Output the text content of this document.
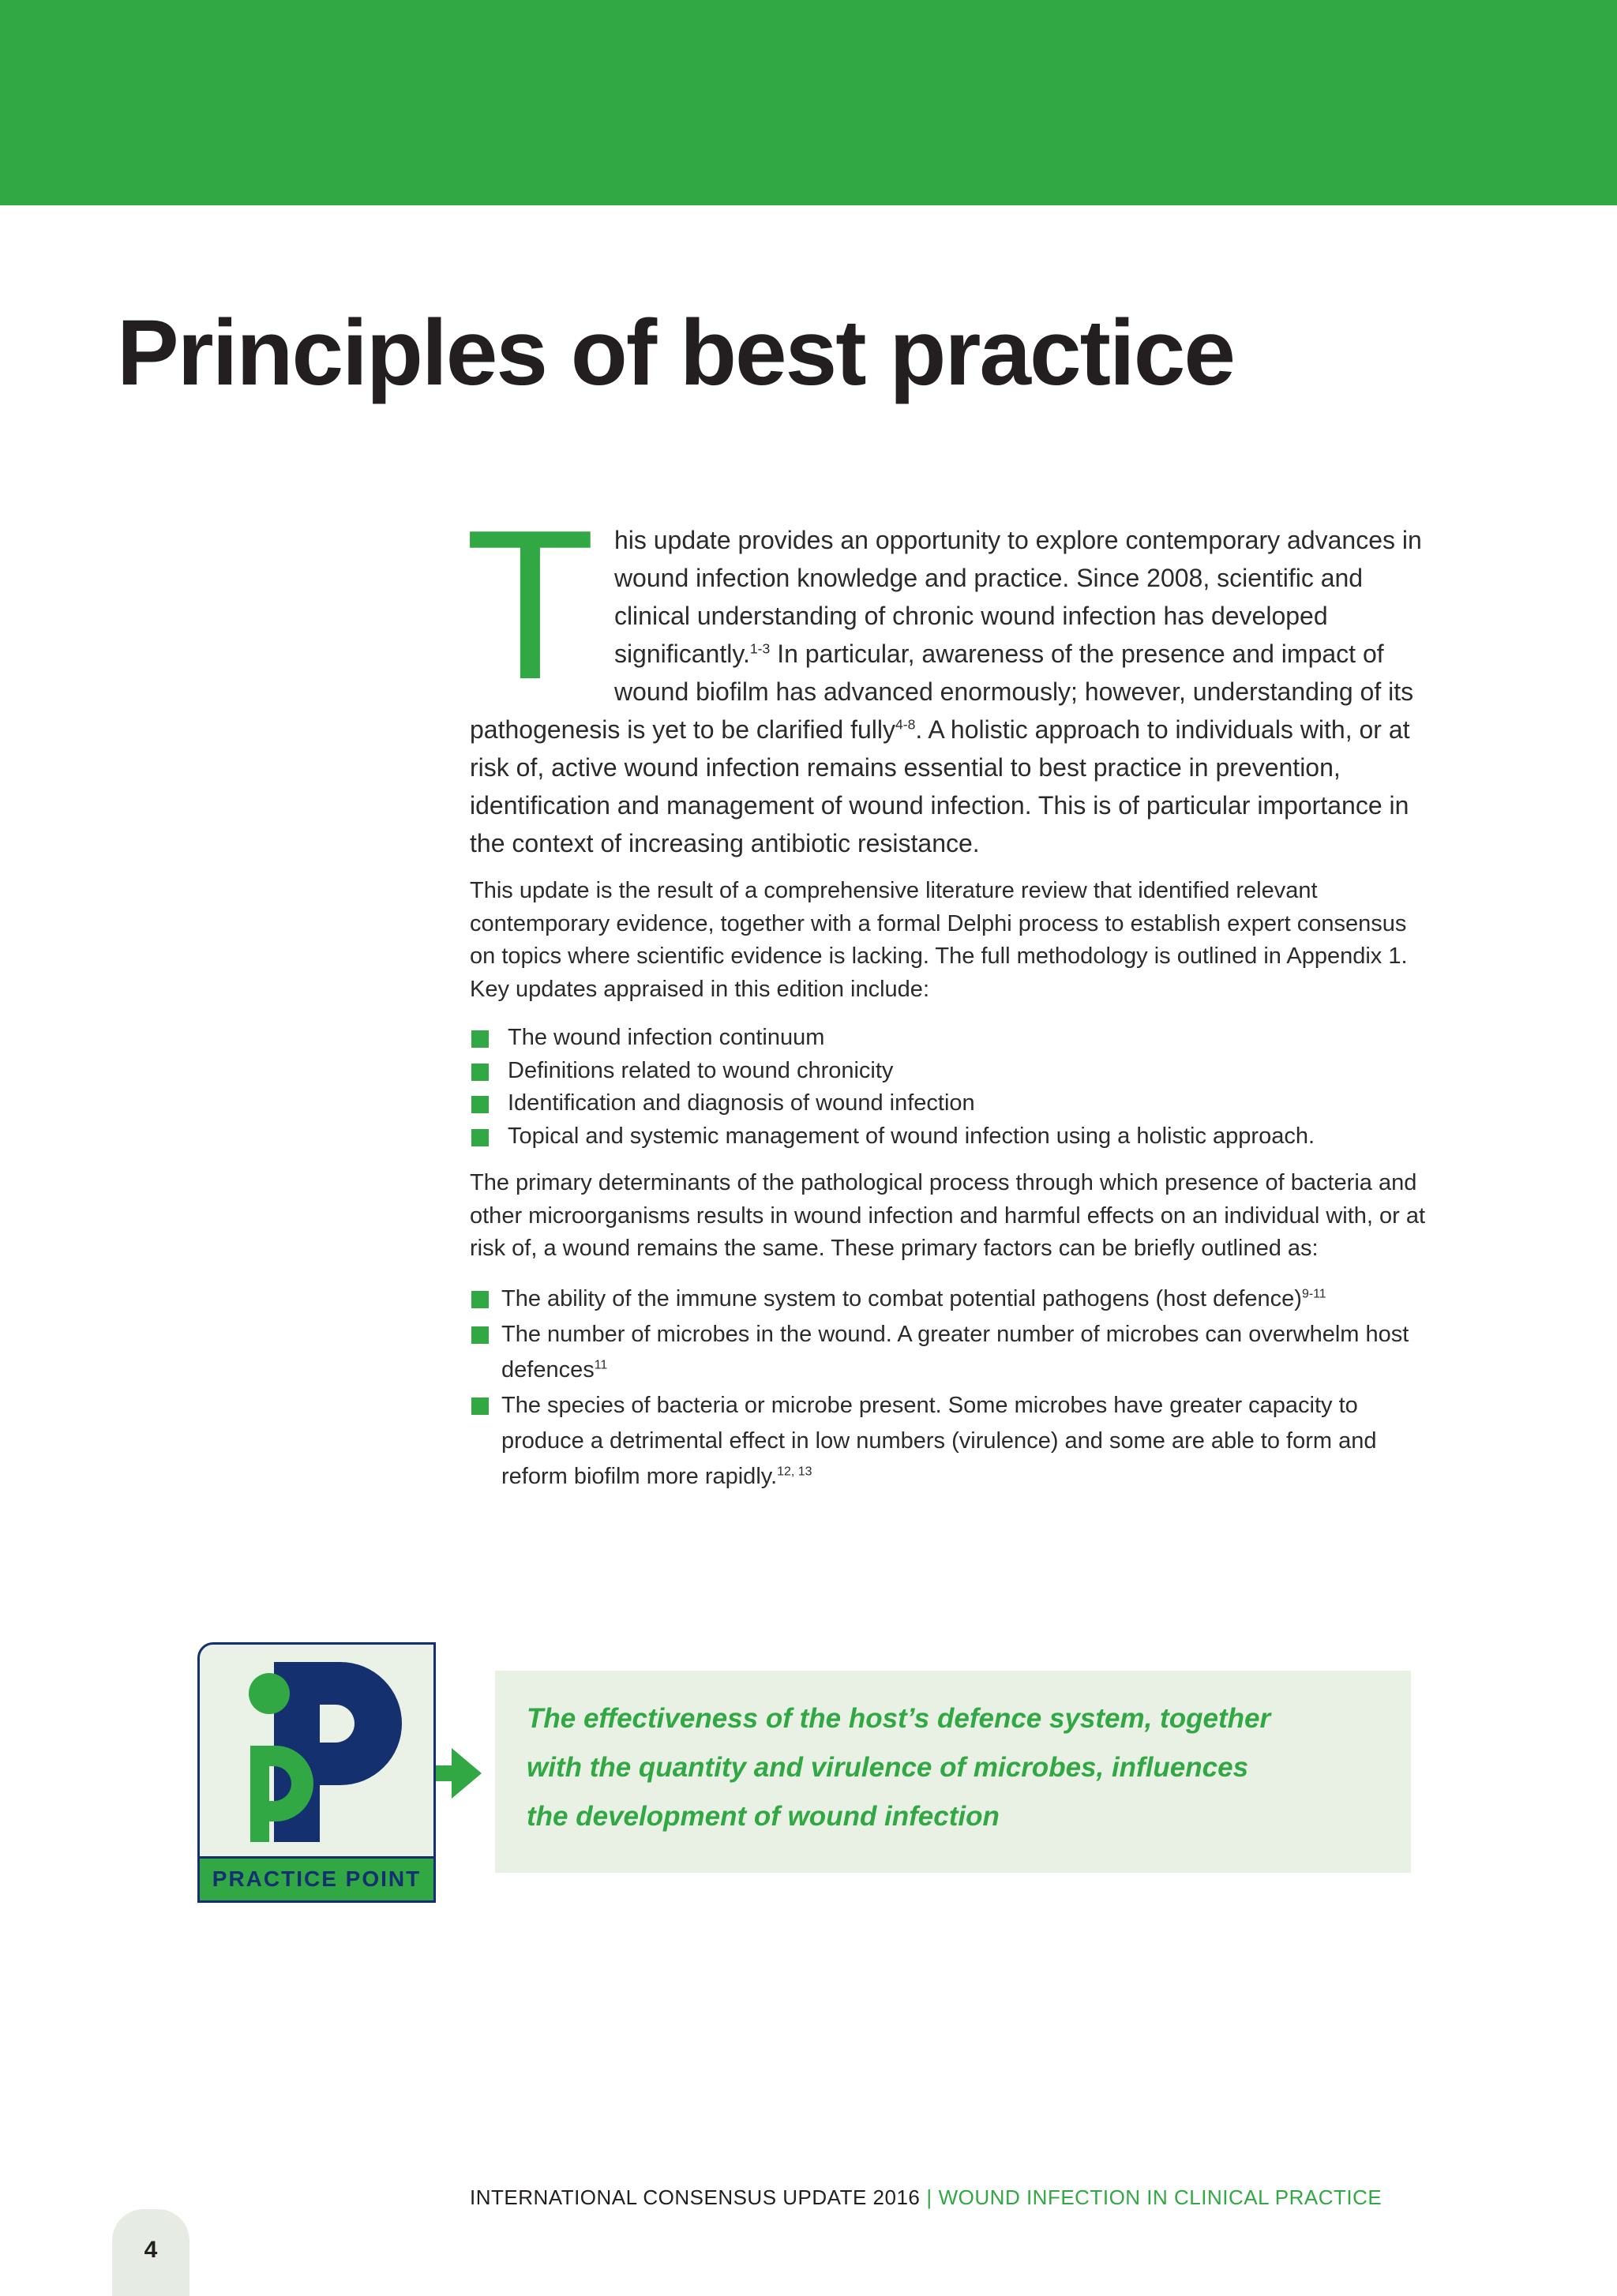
Principles of best practice
T his update provides an opportunity to explore contemporary advances in wound infection knowledge and practice. Since 2008, scientific and clinical understanding of chronic wound infection has developed significantly.$^{1-3}$ In particular, awareness of the presence and impact of wound biofilm has advanced enormously; however, understanding of its pathogenesis is yet to be clarified fully$^{4-8}$. A holistic approach to individuals with, or at risk of, active wound infection remains essential to best practice in prevention, identification and management of wound infection. This is of particular importance in the context of increasing antibiotic resistance.

This update is the result of a comprehensive literature review that identified relevant contemporary evidence, together with a formal Delphi process to establish expert consensus on topics where scientific evidence is lacking. The full methodology is outlined in Appendix 1. Key updates appraised in this edition include:

The wound infection continuum
Definitions related to wound chronicity
Identification and diagnosis of wound infection
Topical and systemic management of wound infection using a holistic approach.

The primary determinants of the pathological process through which presence of bacteria and other microorganisms results in wound infection and harmful effects on an individual with, or at risk of, a wound remains the same. These primary factors can be briefly outlined as:

The ability of the immune system to combat potential pathogens (host defence)$^{9-11}$
The number of microbes in the wound. A greater number of microbes can overwhelm host defences$^{11}$
The species of bacteria or microbe present. Some microbes have greater capacity to produce a detrimental effect in low numbers (virulence) and some are able to form and reform biofilm more rapidly.$^{12, 13}$
PRACTICE POINT

The effectiveness of the host’s defence system, together with the quantity and virulence of microbes, influences the development of wound infection

INTERNATIONAL CONSENSUS UPDATE 2016 | WOUND INFECTION IN CLINICAL PRACTICE
4
